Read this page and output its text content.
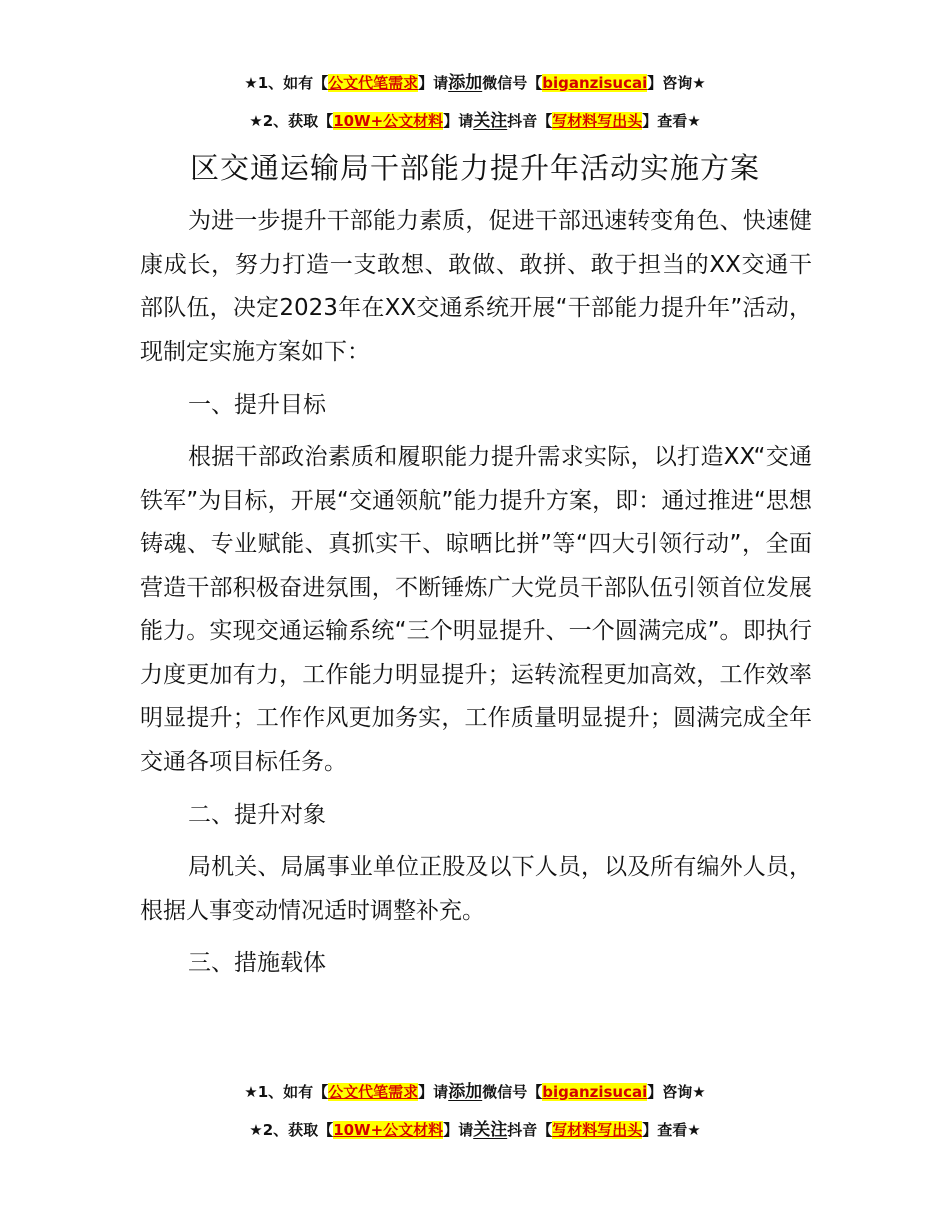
★1、如有【公文代笔需求】请添加微信号【biganzisucai】咨询★
★2、获取【10W+公文材料】请关注抖音【写材料写出头】查看★
区交通运输局干部能力提升年活动实施方案

为进一步提升干部能力素质，促进干部迅速转变角色、快速健康成长，努力打造一支敢想、敢做、敢拼、敢于担当的XX交通干部队伍，决定2023年在XX交通系统开展“干部能力提升年”活动，现制定实施方案如下：

一、提升目标

根据干部政治素质和履职能力提升需求实际，以打造XX“交通铁军”为目标，开展“交通领航”能力提升方案，即：通过推进“思想铸魂、专业赋能、真抓实干、晾晒比拼”等“四大引领行动”，全面营造干部积极奋进氛围，不断锤炼广大党员干部队伍引领首位发展能力。实现交通运输系统“三个明显提升、一个圆满完成”。即执行力度更加有力，工作能力明显提升；运转流程更加高效，工作效率明显提升；工作作风更加务实，工作质量明显提升；圆满完成全年交通各项目标任务。

二、提升对象

局机关、局属事业单位正股及以下人员，以及所有编外人员，根据人事变动情况适时调整补充。

三、措施载体

★1、如有【公文代笔需求】请添加微信号【biganzisucai】咨询★
★2、获取【10W+公文材料】请关注抖音【写材料写出头】查看★
